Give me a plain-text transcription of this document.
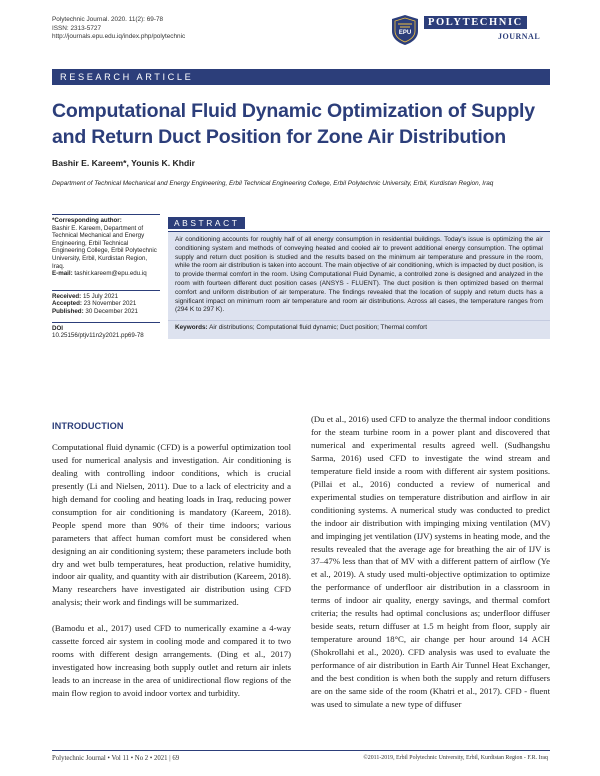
Polytechnic Journal. 2020. 11(2): 69-78
ISSN: 2313-5727
http://journals.epu.edu.iq/index.php/polytechnic
EPU
POLYTECHNIC
JOURNAL
RESEARCH ARTICLE
Computational Fluid Dynamic Optimization of Supply and Return Duct Position for Zone Air Distribution
Bashir E. Kareem*, Younis K. Khdir
Department of Technical Mechanical and Energy Engineering, Erbil Technical Engineering College, Erbil Polytechnic University, Erbil, Kurdistan Region, Iraq
*Corresponding author:
Bashir E. Kareem, Department of Technical Mechanical and Energy Engineering, Erbil Technical Engineering College, Erbil Polytechnic University, Erbil, Kurdistan Region, Iraq.
E-mail: tashir.kareem@epu.edu.iq
Received: 15 July 2021
Accepted: 23 November 2021
Published: 30 December 2021
DOI
10.25156/ptjv11n2y2021.pp69-78
ABSTRACT
Air conditioning accounts for roughly half of all energy consumption in residential buildings. Today's issue is optimizing the air conditioning system and methods of conveying heated and cooled air to prevent additional energy consumption. The optimal supply and return duct position is studied and the results based on the minimum air temperature and pressure in the room, while the room air distribution is taken into account. The main objective of air conditioning, which is impacted by duct position, is to provide thermal comfort in the room. Using Computational Fluid Dynamic, a controlled zone is designed and analyzed in the room with fourteen different duct position cases (ANSYS - FLUENT). The duct position is then optimized based on thermal comfort and uniform distribution of air temperature. The findings revealed that the location of supply and return ducts has a significant impact on minimum room air temperature and room air distributions. Across all cases, the temperature ranges from (294 K to 297 K).
Keywords: Air distributions; Computational fluid dynamic; Duct position; Thermal comfort
INTRODUCTION

Computational fluid dynamic (CFD) is a powerful optimization tool used for numerical analysis and investigation. Air conditioning is dealing with controlling indoor conditions, which is crucial presently (Li and Nielsen, 2011). Due to a lack of electricity and a high demand for cooling and heating loads in Iraq, reducing power consumption for air conditioning is mandatory (Kareem, 2018). People spend more than 90% of their time indoors; various parameters that affect human comfort must be considered when designing an air conditioning system; these parameters include both dry and wet bulb temperatures, heat production, relative humidity, indoor air quality, and quantity with air distribution (Kareem, 2018). Many researchers have investigated air distribution using CFD analysis; their work and findings will be summarized.

(Bamodu et al., 2017) used CFD to numerically examine a 4-way cassette forced air system in cooling mode and compared it to two rooms with different design arrangements. (Ding et al., 2017) investigated how increasing both supply outlet and return air inlets leads to an increase in the area of unidirectional flow regions of the main flow region to avoid indoor vortex and turbidity.

(Du et al., 2016) used CFD to analyze the thermal indoor conditions for the steam turbine room in a power plant and discovered that numerical and experimental results agreed well. (Sudhangshu Sarma, 2016) used CFD to investigate the wind stream and temperature field inside a room with different air system positions. (Pillai et al., 2016) conducted a review of numerical and experimental studies on temperature distribution and airflow in air conditioning systems. A numerical study was conducted to predict the indoor air distribution with impinging mixing ventilation (MV) and impinging jet ventilation (IJV) systems in heating mode, and the results revealed that the average age for breathing the air of IJV is 37–47% less than that of MV with a different pattern of airflow (Ye et al., 2019). A study used multi-objective optimization to optimize the performance of underfloor air distribution in a classroom in terms of indoor air quality, energy savings, and thermal comfort criteria; the results had optimal conclusions as; underfloor diffuser beside seats, return diffuser at 1.5 m height from floor, supply air temperature around 18°C, air change per hour around 14 ACH (Shokrollahi et al., 2020). CFD analysis was used to evaluate the performance of air distribution in Earth Air Tunnel Heat Exchanger, and the best condition is when both the supply and return diffusers are on the same side of the room (Khatri et al., 2017). CFD - fluent was used to simulate a new type of diffuser

Polytechnic Journal • Vol 11 • No 2 • 2021 | 69	©2011-2019, Erbil Polytechnic University, Erbil, Kurdistan Region - F.R. Iraq
